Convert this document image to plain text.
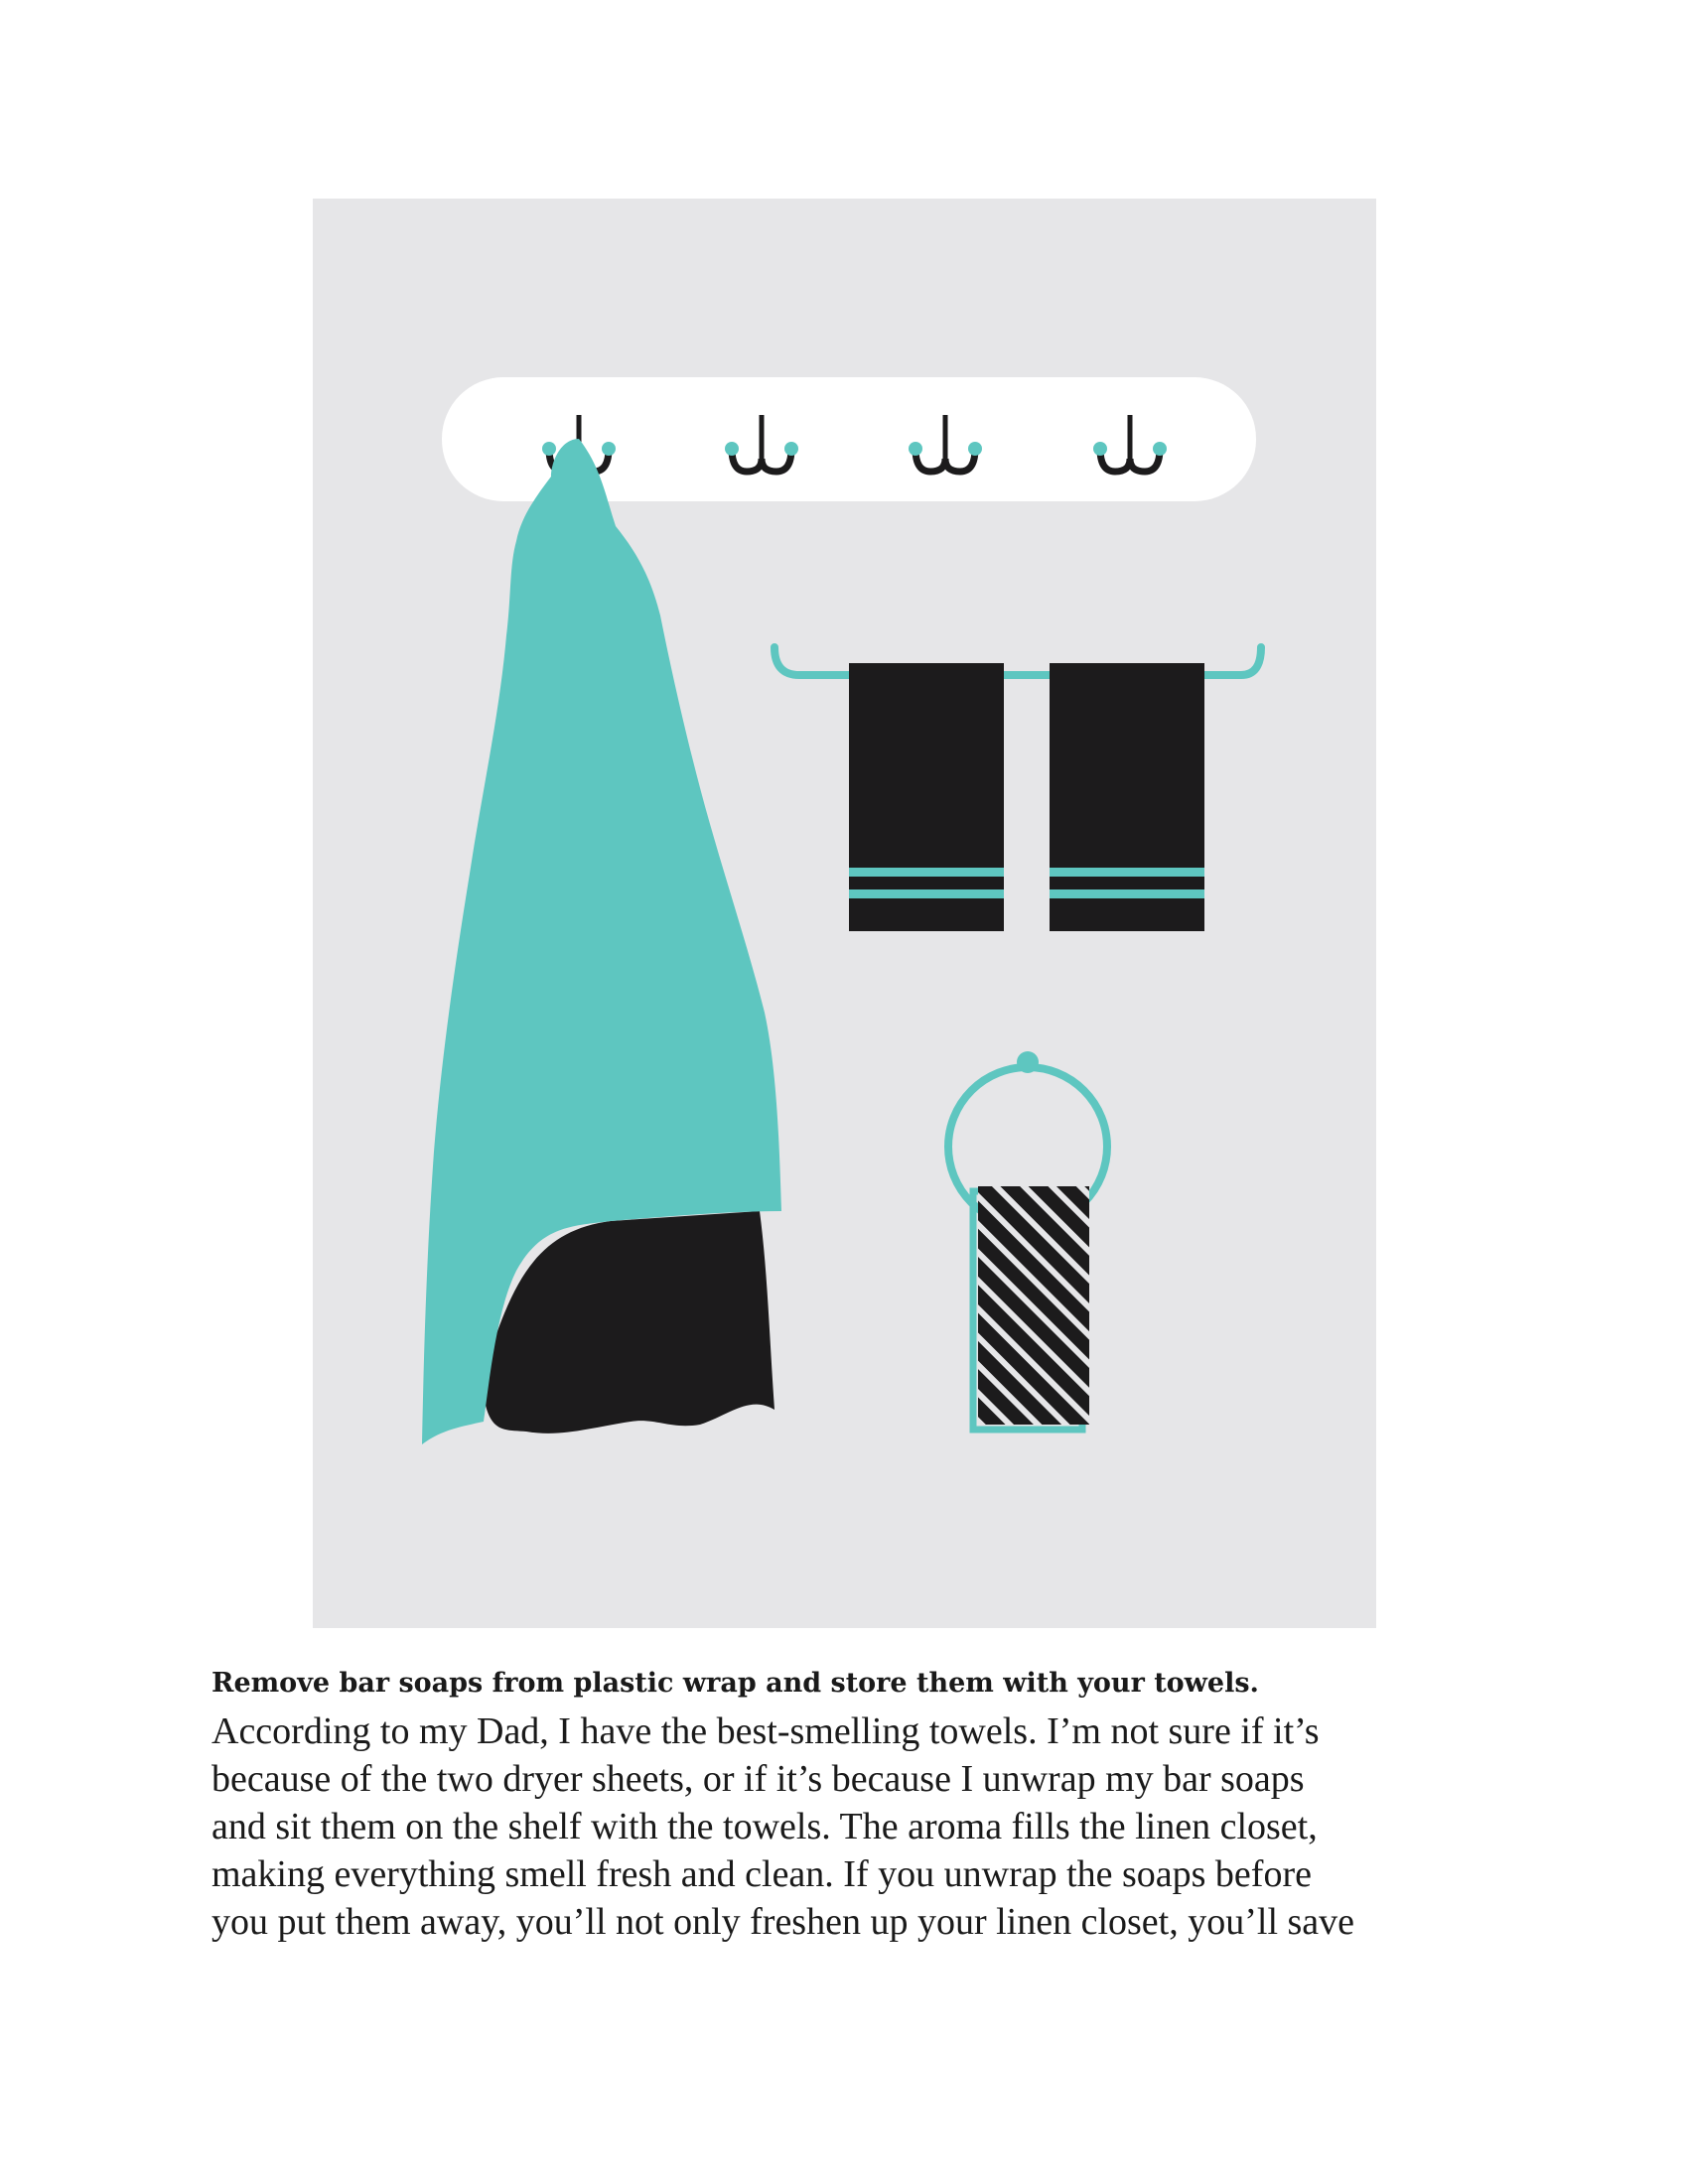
Remove bar soaps from plastic wrap and store them with your towels.
According to my Dad, I have the best-smelling towels. I’m not sure if it’s
because of the two dryer sheets, or if it’s because I unwrap my bar soaps
and sit them on the shelf with the towels. The aroma fills the linen closet,
making everything smell fresh and clean. If you unwrap the soaps before
you put them away, you’ll not only freshen up your linen closet, you’ll save
